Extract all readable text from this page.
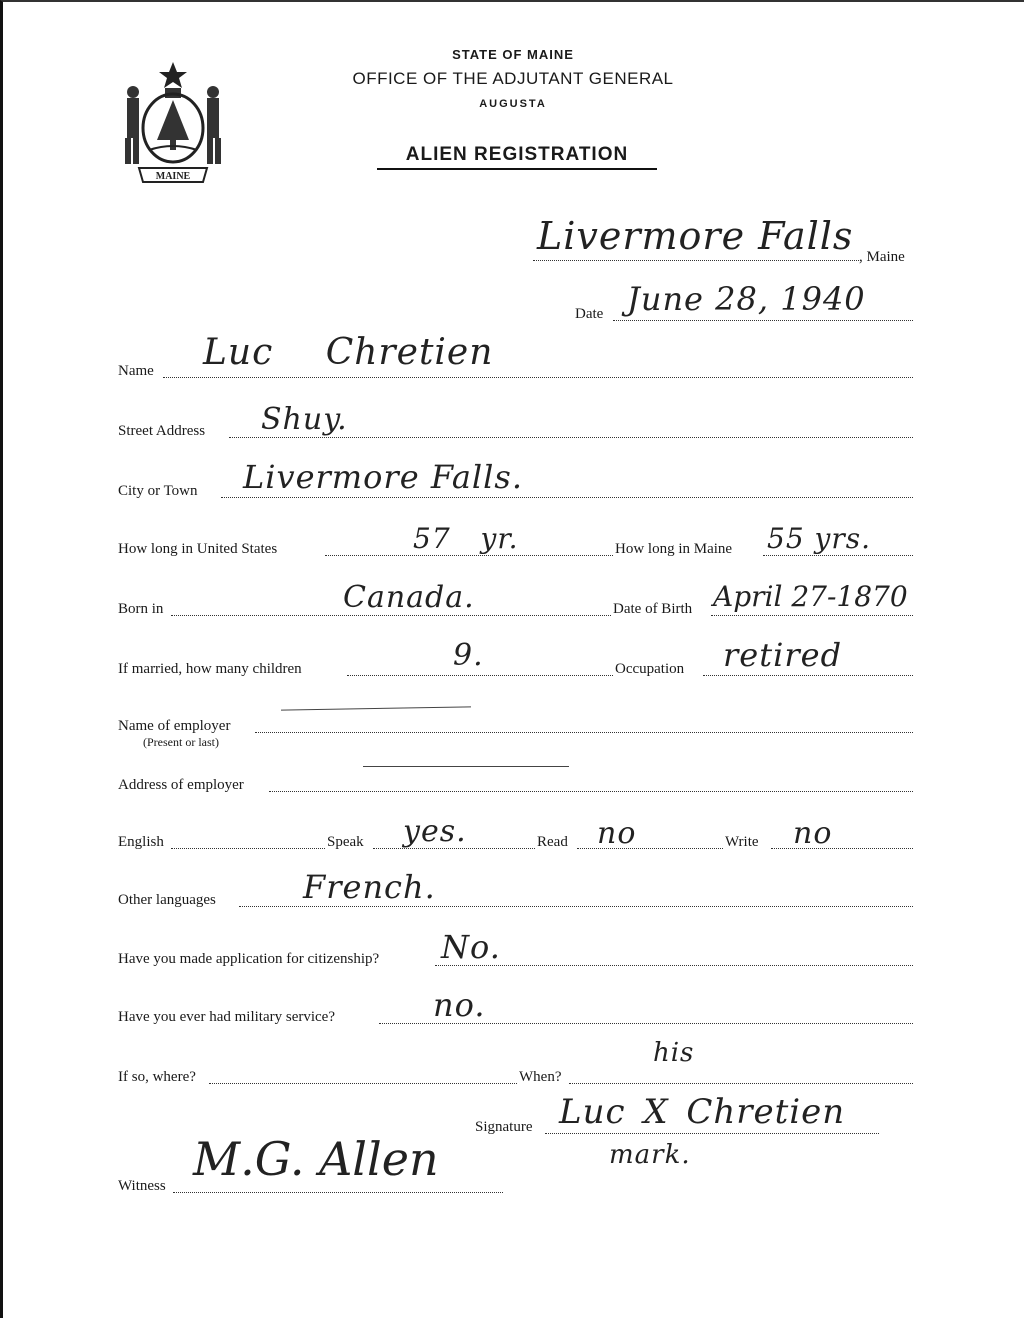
MAINE
STATE OF MAINE
OFFICE OF THE ADJUTANT GENERAL
AUGUSTA
ALIEN REGISTRATION
Livermore Falls , Maine
Date June 28, 1940
Name Luc Chretien
Street Address Shuy.
City or Town Livermore Falls.
How long in United States	57 yr.	How long in Maine 55 yrs.
Born in	Canada.	Date of Birth April 27-1870
If married, how many children	9.	Occupation retired
Name of employer
(Present or last)
Address of employer
English	Speak yes.	Read no	Write no
Other languages	French.
Have you made application for citizenship? No.
Have you ever had military service?	no.
If so, where?	When?
his
Signature Luc X Chretien
mark.
Witness M.G. Allen
